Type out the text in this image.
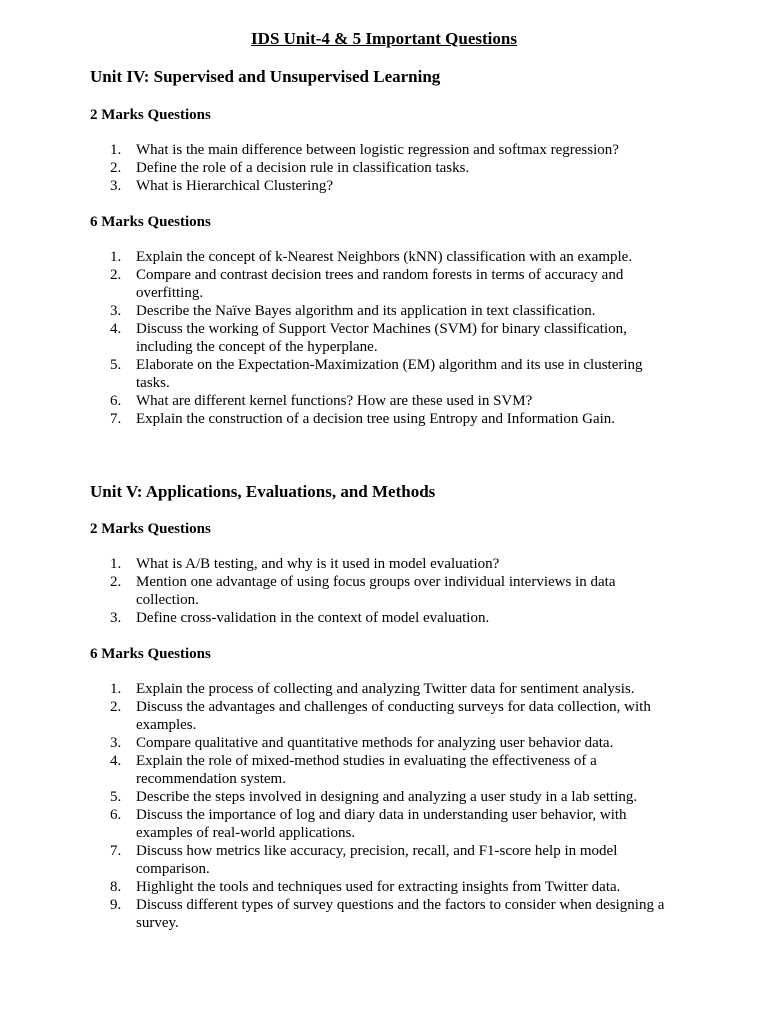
IDS Unit-4 & 5 Important Questions
Unit IV: Supervised and Unsupervised Learning
2 Marks Questions
1. What is the main difference between logistic regression and softmax regression?
2. Define the role of a decision rule in classification tasks.
3. What is Hierarchical Clustering?
6 Marks Questions
1. Explain the concept of k-Nearest Neighbors (kNN) classification with an example.
2. Compare and contrast decision trees and random forests in terms of accuracy and overfitting.
3. Describe the Naïve Bayes algorithm and its application in text classification.
4. Discuss the working of Support Vector Machines (SVM) for binary classification, including the concept of the hyperplane.
5. Elaborate on the Expectation-Maximization (EM) algorithm and its use in clustering tasks.
6. What are different kernel functions? How are these used in SVM?
7. Explain the construction of a decision tree using Entropy and Information Gain.
Unit V: Applications, Evaluations, and Methods
2 Marks Questions
1. What is A/B testing, and why is it used in model evaluation?
2. Mention one advantage of using focus groups over individual interviews in data collection.
3. Define cross-validation in the context of model evaluation.
6 Marks Questions
1. Explain the process of collecting and analyzing Twitter data for sentiment analysis.
2. Discuss the advantages and challenges of conducting surveys for data collection, with examples.
3. Compare qualitative and quantitative methods for analyzing user behavior data.
4. Explain the role of mixed-method studies in evaluating the effectiveness of a recommendation system.
5. Describe the steps involved in designing and analyzing a user study in a lab setting.
6. Discuss the importance of log and diary data in understanding user behavior, with examples of real-world applications.
7. Discuss how metrics like accuracy, precision, recall, and F1-score help in model comparison.
8. Highlight the tools and techniques used for extracting insights from Twitter data.
9. Discuss different types of survey questions and the factors to consider when designing a survey.
